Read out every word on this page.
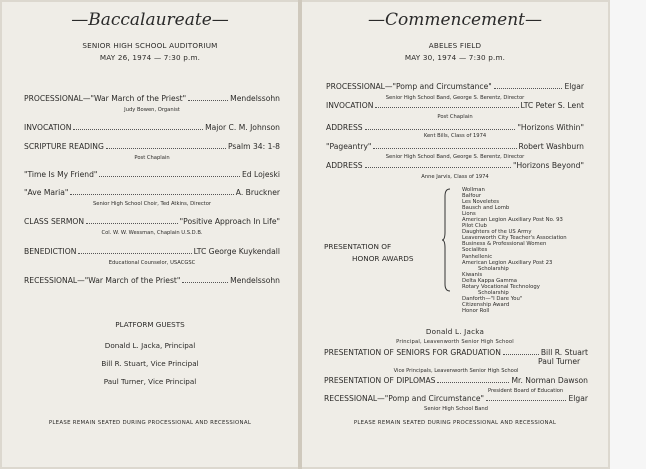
—Baccalaureate—
SENIOR HIGH SCHOOL AUDITORIUM
MAY 26, 1974 — 7:30 p.m.
PROCESSIONAL—"War March of the Priest"	Mendelssohn
Judy Bowen, Organist
INVOCATION	Major C. M. Johnson
SCRIPTURE READING	Psalm 34: 1-8
Post Chaplain
"Time Is My Friend"	Ed Lojeski
"Ave Maria"	A. Bruckner
Senior High School Choir, Ted Atkins, Director
CLASS SERMON	"Positive Approach In Life"
Col. W. W. Wessman, Chaplain U.S.D.B.
BENEDICTION	LTC George Kuykendall
Educational Counselor, USACGSC
RECESSIONAL—"War March of the Priest"	Mendelssohn
PLATFORM GUESTS
Donald L. Jacka, Principal
Bill R. Stuart, Vice Principal
Paul Turner, Vice Principal
PLEASE REMAIN SEATED DURING PROCESSIONAL AND RECESSIONAL
—Commencement—
ABELES FIELD
MAY 30, 1974 — 7:30 p.m.
PROCESSIONAL—"Pomp and Circumstance"	Elgar
Senior High School Band, George S. Berentz, Director
INVOCATION	LTC Peter S. Lent
Post Chaplain
ADDRESS	"Horizons Within"
Kent Bills, Class of 1974
"Pageantry"	Robert Washburn
Senior High School Band, George S. Berentz, Director
ADDRESS	"Horizons Beyond"
Anne Jarvis, Class of 1974
PRESENTATION OF
HONOR AWARDS
Wollman
Balfour
Les Noveletes
Bausch and Lomb
Lions
American Legion Auxiliary Post No. 93
Pilot Club
Daughters of the US Army
Leavenworth City Teacher's Association
Business & Professional Women
Socialites
Panhellenic
American Legion Auxiliary Post 23
Scholarship
Kiwanis
Delta Kappa Gamma
Rotary Vocational Technology
Scholarship
Danforth—"I Dare You"
Citizenship Award
Honor Roll
Donald L. Jacka
Principal, Leavenworth Senior High School
PRESENTATION OF SENIORS FOR GRADUATION	Bill R. Stuart
Paul Turner
Vice Principals, Leavenworth Senior High School
PRESENTATION OF DIPLOMAS	Mr. Norman Dawson
President Board of Education
RECESSIONAL—"Pomp and Circumstance"	Elgar
Senior High School Band
PLEASE REMAIN SEATED DURING PROCESSIONAL AND RECESSIONAL
